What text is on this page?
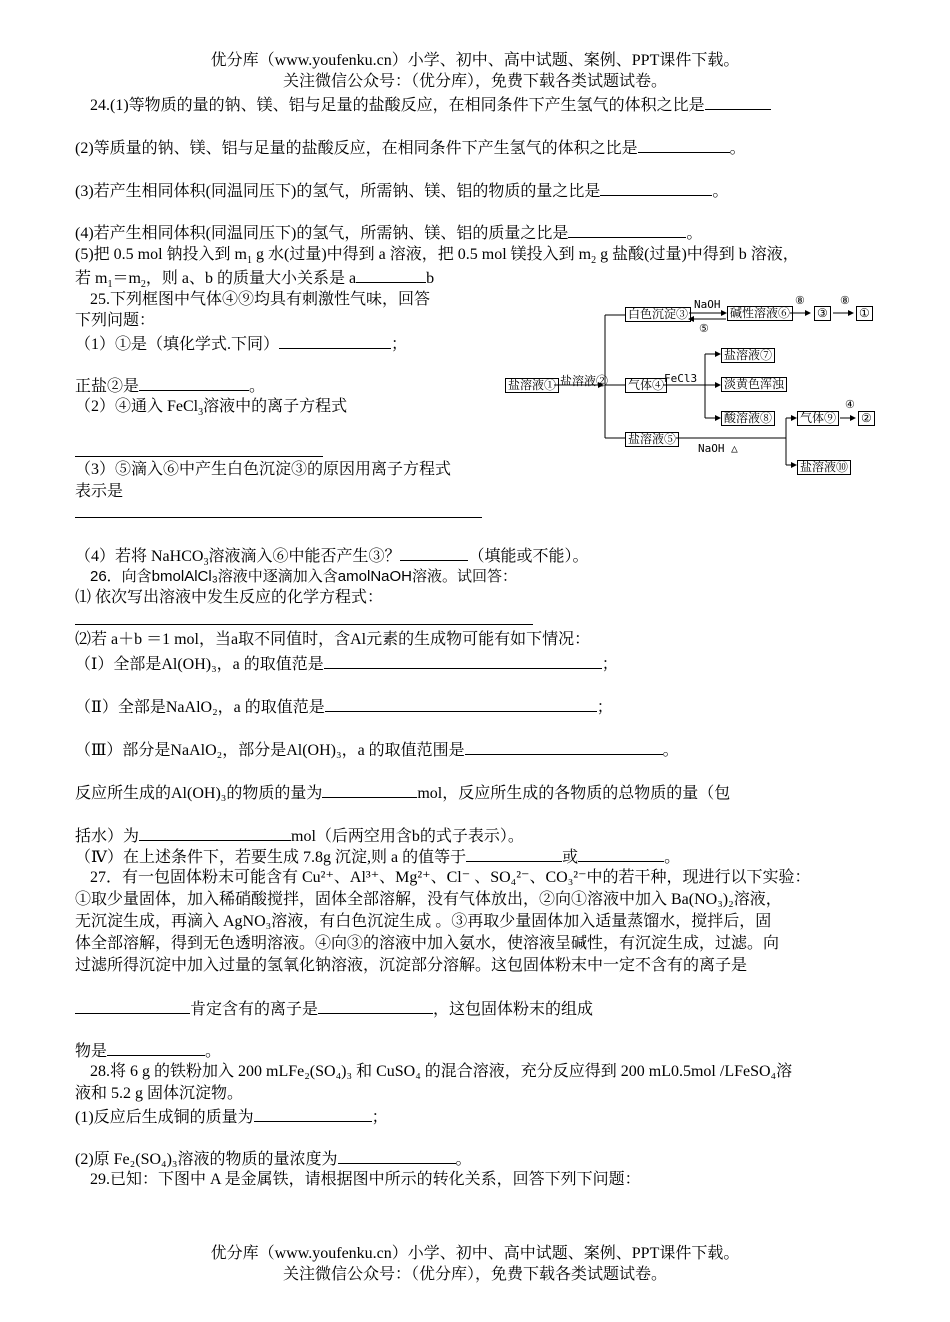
优分库（www.youfenku.cn）小学、初中、高中试题、案例、PPT课件下载。
关注微信公众号：（优分库），免费下载各类试题试卷。
24.(1)等物质的量的钠、镁、铝与足量的盐酸反应，在相同条件下产生氢气的体积之比是
(2)等质量的钠、镁、铝与足量的盐酸反应，在相同条件下产生氢气的体积之比是	。
(3)若产生相同体积(同温同压下)的氢气，所需钠、镁、铝的物质的量之比是	。
(4)若产生相同体积(同温同压下)的氢气，所需钠、镁、铝的质量之比是	。
(5)把 0.5 mol 钠投入到 $m_1$ g 水(过量)中得到 a 溶液，把 0.5 mol 镁投入到 $m_2$ g 盐酸(过量)中得到 b 溶液，
若 $m_1=m_2$，则 a、b 的质量大小关系是 a	b
25.下列框图中气体④⑨均具有刺激性气味，回答
下列问题：
（1）①是（填化学式.下同）	；
正盐②是	。
（2）④通入 FeCl$_3$溶液中的离子方程式
（3）⑤滴入⑥中产生白色沉淀③的原因用离子方程式
表示是
（4）若将 NaHCO$_3$溶液滴入⑥中能否产生③？	（填能或不能）。
盐溶液① 盐溶液②
白色沉淀③
气体④
盐溶液⑤
碱性溶液⑥ ③	①
盐溶液⑦
淡黄色浑浊
酸溶液⑧ 气体⑨ ②
盐溶液⑩
NaOH
⑤
⑧	⑧
FeCl3
④
NaOH △
26．向含bmolAlCl₃溶液中逐滴加入含amolNaOH溶液。试回答：
⑴ 依次写出溶液中发生反应的化学方程式：
⑵若 a＋b ＝1 mol，当a取不同值时，含Al元素的生成物可能有如下情况：
（Ⅰ）全部是Al(OH)₃，a 的取值范是	；
（Ⅱ）全部是NaAlO₂，a 的取值范是	；
（Ⅲ）部分是NaAlO₂，部分是Al(OH)₃，a 的取值范围是	。
反应所生成的Al(OH)₃的物质的量为	mol，反应所生成的各物质的总物质的量（包
括水）为	mol（后两空用含b的式子表示）。
（Ⅳ）在上述条件下，若要生成 7.8g 沉淀,则 a 的值等于	或	。
27．有一包固体粉末可能含有 Cu²⁺、Al³⁺、Mg²⁺、Cl⁻ 、SO₄²⁻、CO₃²⁻中的若干种，现进行以下实验：
①取少量固体，加入稀硝酸搅拌，固体全部溶解，没有气体放出，②向①溶液中加入 Ba(NO₃)₂溶液，
无沉淀生成，再滴入 AgNO₃溶液，有白色沉淀生成 。③再取少量固体加入适量蒸馏水，搅拌后，固
体全部溶解，得到无色透明溶液。④向③的溶液中加入氨水，使溶液呈碱性，有沉淀生成，过滤。向
过滤所得沉淀中加入过量的氢氧化钠溶液，沉淀部分溶解。这包固体粉末中一定不含有的离子是
肯定含有的离子是	，这包固体粉末的组成
物是	。
28.将 6 g 的铁粉加入 200 mLFe₂(SO₄)₃ 和 CuSO₄ 的混合溶液，充分反应得到 200 mL0.5mol /LFeSO₄溶
液和 5.2 g 固体沉淀物。
(1)反应后生成铜的质量为	；
(2)原 Fe₂(SO₄)₃溶液的物质的量浓度为	。
29.已知：下图中 A 是金属铁，请根据图中所示的转化关系，回答下列下问题：
优分库（www.youfenku.cn）小学、初中、高中试题、案例、PPT课件下载。
关注微信公众号：（优分库），免费下载各类试题试卷。
